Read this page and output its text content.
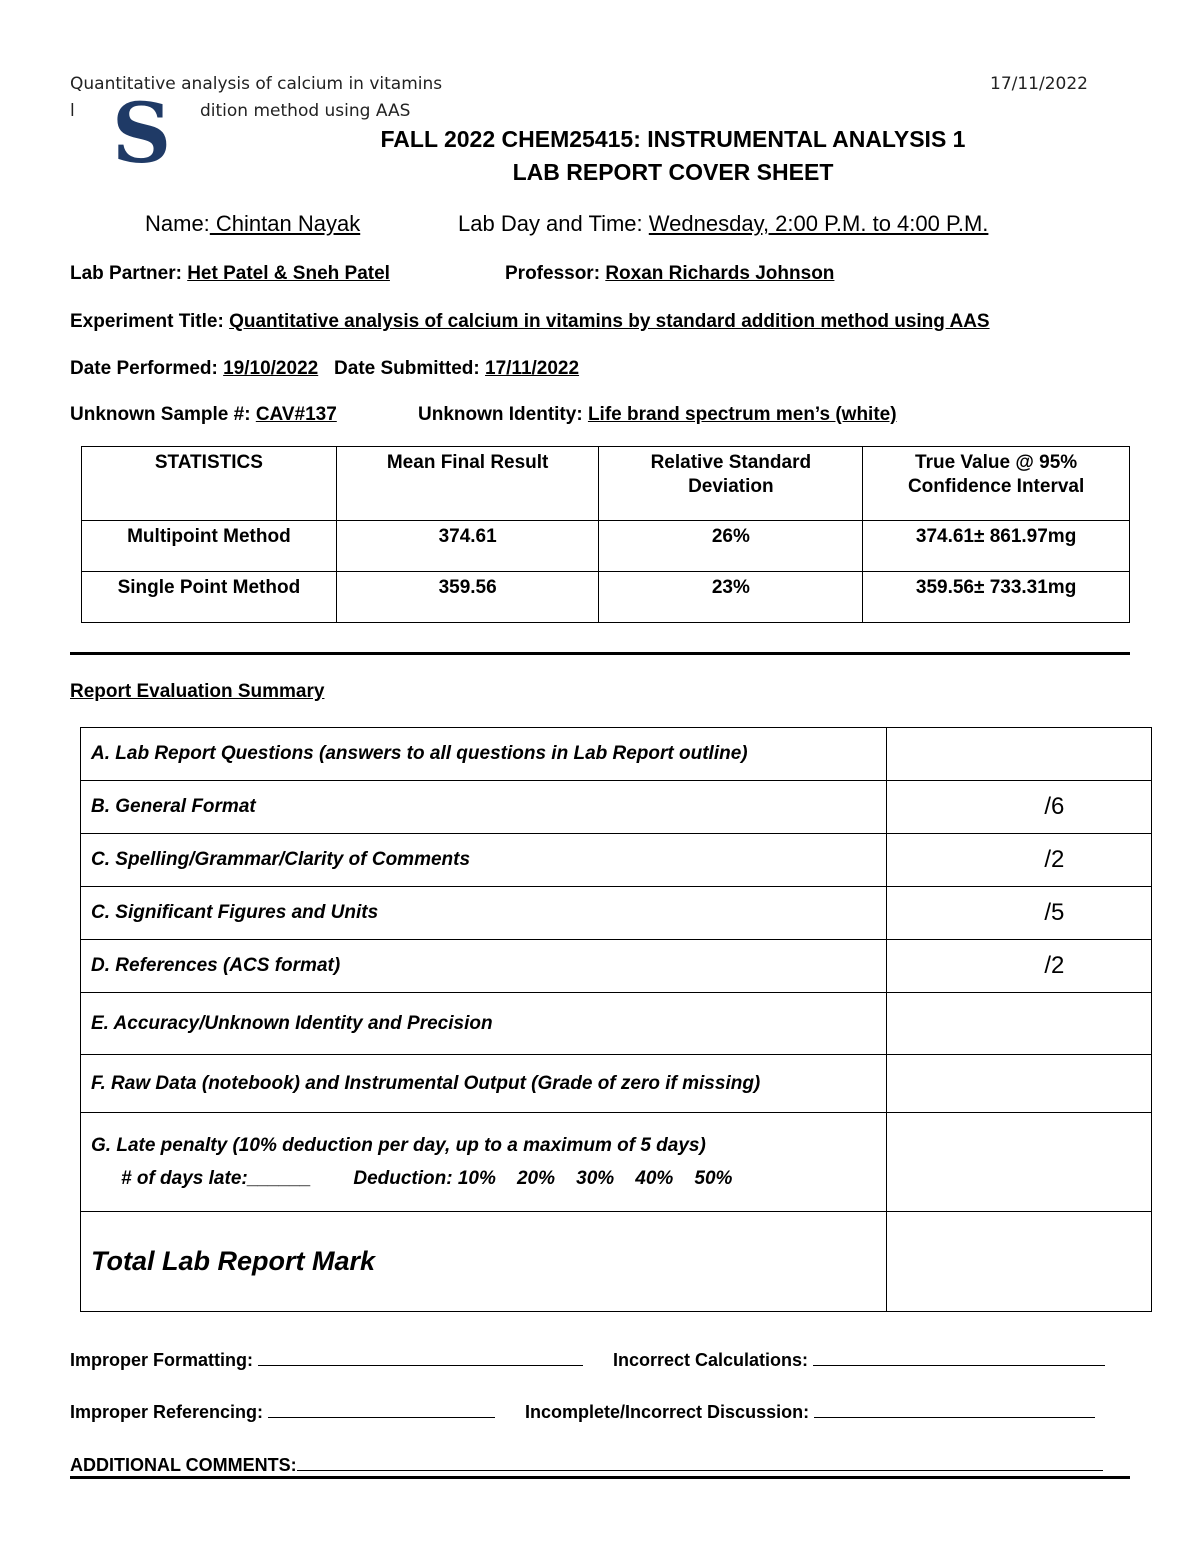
Quantitative analysis of calcium in vitamins
l	dition method using AAS
17/11/2022
S	FALL 2022 CHEM25415: INSTRUMENTAL ANALYSIS 1
LAB REPORT COVER SHEET
Name: Chintan Nayak	Lab Day and Time: Wednesday, 2:00 P.M. to 4:00 P.M.
Lab Partner: Het Patel & Sneh Patel	Professor: Roxan Richards Johnson
Experiment Title: Quantitative analysis of calcium in vitamins by standard addition method using AAS
Date Performed: 19/10/2022 Date Submitted: 17/11/2022
Unknown Sample #: CAV#137	Unknown Identity: Life brand spectrum men’s (white)
STATISTICS	Mean Final Result	Relative Standard Deviation	True Value @ 95% Confidence Interval
Multipoint Method	374.61	26%	374.61± 861.97mg
Single Point Method	359.56	23%	359.56± 733.31mg
Report Evaluation Summary
A. Lab Report Questions (answers to all questions in Lab Report outline)	
B. General Format	/6
C. Spelling/Grammar/Clarity of Comments	/2
C. Significant Figures and Units	/5
D. References (ACS format)	/2
E. Accuracy/Unknown Identity and Precision	
F. Raw Data (notebook) and Instrumental Output (Grade of zero if missing)	

G. Late penalty (10% deduction per day, up to a maximum of 5 days)
# of days late:______ Deduction: 10%    20%    30%    40%    50%	

Total Lab Report Mark	
Improper Formatting:	Incorrect Calculations:
Improper Referencing:	Incomplete/Incorrect Discussion:
ADDITIONAL COMMENTS:
